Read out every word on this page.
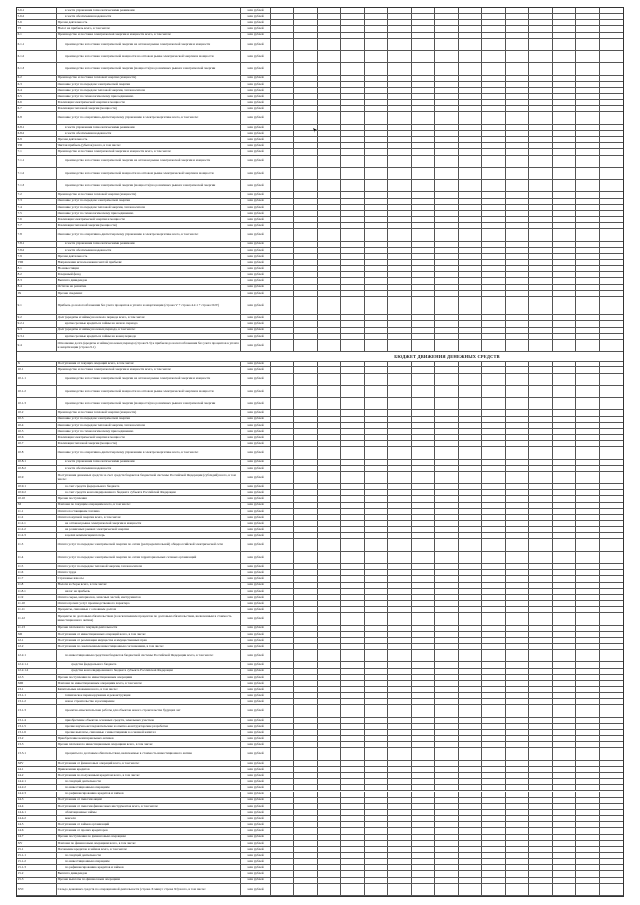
5.6.1	в части управления технологическими режимами	млн рублей
5.6.2	в части обеспечения надежности	млн рублей
5.6	Прочая деятельность	млн рублей
VI	Налог на прибыль всего, в том числе:	млн рублей
6.1	Производство и поставка электрической энергии и мощности всего, в том числе:	млн рублей
6.1.1	производство и поставка электрической энергии на оптовом рынке электрической энергии и мощности	млн рублей
6.1.2	производство и поставка электрической мощности на оптовом рынке электрической энергии и мощности	млн рублей
6.1.3	производство и поставка электрической энергии (мощности) на розничных рынках электрической энергии	млн рублей
6.2	Производство и поставка тепловой энергии (мощности)	млн рублей
6.3	Оказание услуг по передаче электрической энергии	млн рублей
6.4	Оказание услуг по передаче тепловой энергии, теплоносителя	млн рублей
6.5	Оказание услуг по технологическому присоединению	млн рублей
6.6	Реализация электрической энергии и мощности	млн рублей
6.7	Реализация тепловой энергии (мощности)	млн рублей
6.8	Оказание услуг по оперативно-диспетчерскому управлению в электроэнергетике всего, в том числе:	млн рублей
6.8.1	в части управления технологическими режимами	млн рублей
6.8.2	в части обеспечения надежности	млн рублей
6.9	Прочая деятельность	млн рублей
VII	Чистая прибыль (убыток) всего, в том числе:	млн рублей
7.1	Производство и поставка электрической энергии и мощности всего, в том числе:	млн рублей
7.1.1	производство и поставка электрической энергии на оптовом рынке электрической энергии и мощности	млн рублей
7.1.2	производство и поставка электрической мощности на оптовом рынке электрической энергии и мощности	млн рублей
7.1.3	производство и поставка электрической энергии (мощности) на розничных рынках электрической энергии	млн рублей
7.2	Производство и поставка тепловой энергии (мощности)	млн рублей
7.3	Оказание услуг по передаче электрической энергии	млн рублей
7.4	Оказание услуг по передаче тепловой энергии, теплоносителя	млн рублей
7.5	Оказание услуг по технологическому присоединению	млн рублей
7.6	Реализация электрической энергии и мощности	млн рублей
7.7	Реализация тепловой энергии (мощности)	млн рублей
7.8	Оказание услуг по оперативно-диспетчерскому управлению в электроэнергетике всего, в том числе:	млн рублей
7.8.1	в части управления технологическими режимами	млн рублей
7.8.2	в части обеспечения надежности	млн рублей
7.9	Прочая деятельность	млн рублей
VIII	Направления использования чистой прибыли:	млн рублей
8.1	На инвестиции	млн рублей
8.2	Резервный фонд	млн рублей
8.3	Выплата дивидендов	млн рублей
8.4	Остаток на развитие	млн рублей
IX	Прочие сведения:	млн рублей
9.1	Прибыль до налогообложения без учета процентов к уплате и амортизации (строка V + строка 4.2.1 + строка II.IV)	млн рублей
9.2	Долг (кредиты и займы) на начало периода всего, в том числе:	млн рублей
9.2.1	краткосрочные кредиты и займы на начало периода	млн рублей
9.3	Долг (кредиты и займы) на конец периода, в том числе:	млн рублей
9.3.1	краткосрочные кредиты и займы на конец периода	млн рублей
9.4	Отношение долга (кредиты и займы) на конец периода (строка 9.3) к прибыли до налогообложения без учета процентов к уплате и амортизации (строка 9.1)	млн рублей
БЮДЖЕТ ДВИЖЕНИЯ ДЕНЕЖНЫХ СРЕДСТВ
X	Поступления от текущих операций всего, в том числе:	млн рублей
10.1	Производство и поставка электрической энергии и мощности всего, в том числе:	млн рублей
10.1.1	производство и поставка электрической энергии на оптовом рынке электрической энергии и мощности	млн рублей
10.1.2	производство и поставка электрической мощности на оптовом рынке электрической энергии и мощности	млн рублей
10.1.3	производство и поставка электрической энергии (мощности) на розничных рынках электрической энергии	млн рублей
10.2	Производство и поставка тепловой энергии (мощности)	млн рублей
10.3	Оказание услуг по передаче электрической энергии	млн рублей
10.4	Оказание услуг по передаче тепловой энергии, теплоносителя	млн рублей
10.5	Оказание услуг по технологическому присоединению	млн рублей
10.6	Реализация электрической энергии и мощности	млн рублей
10.7	Реализация тепловой энергии (мощности)	млн рублей
10.8	Оказание услуг по оперативно-диспетчерскому управлению в электроэнергетике всего, в том числе:	млн рублей
10.8.1	в части управления технологическими режимами	млн рублей
10.8.2	в части обеспечения надежности	млн рублей
10.9	Поступления денежных средств за счет средств бюджетов бюджетной системы Российской Федерации (субсидий) всего, в том числе:	млн рублей
10.9.1	за счет средств федерального бюджета	млн рублей
10.9.2	за счет средств консолидированного бюджета субъекта Российской Федерации	млн рублей
10.10	Прочие поступления	млн рублей
XI	Платежи по текущим операциям всего, в том числе:	млн рублей
11.1	Оплата поставщикам топлива	млн рублей
11.2	Оплата покупной энергии всего, в том числе:	млн рублей
11.2.1	на оптовом рынке электрической энергии и мощности	млн рублей
11.2.2	на розничных рынках электрической энергии	млн рублей
11.2.3	в целях компенсации потерь	млн рублей
11.3	Оплата услуг по передаче электрической энергии по сетям (распределительной) общероссийской электрической сети	млн рублей
11.4	Оплата услуг по передаче электрической энергии по сетям территориальных сетевых организаций	млн рублей
11.5	Оплата услуг по передаче тепловой энергии, теплоносителя	млн рублей
11.6	Оплата труда	млн рублей
11.7	Страховые взносы	млн рублей
11.8	Налоги и сборы всего, в том числе:	млн рублей
11.8.1	налог на прибыль	млн рублей
11.9	Оплата сырья, материалов, запасных частей, инструментов	млн рублей
11.10	Оплата прочих услуг производственного характера	млн рублей
11.11	Проценты, связанные с основным долгом	млн рублей
11.12	Проценты по долговым обязательствам (за исключением процентов по долговым обязательствам, включенным в стоимость инвестиционного актива)	млн рублей
11.13	Прочие платежи по текущей деятельности	млн рублей
XII	Поступления от инвестиционных операций всего, в том числе:	млн рублей
12.1	Поступления от реализации имущества и имущественных прав	млн рублей
12.2	Поступления по заключенным инвестиционным соглашениям, в том числе:	млн рублей
12.2.1	по инвестиционным средствам бюджетов бюджетной системы Российской Федерации всего, в том числе:	млн рублей
12.2.1.1	средства федерального бюджета	млн рублей
12.2.1.2	средства консолидированного бюджета субъекта Российской Федерации	млн рублей
12.3	Прочие поступления по инвестиционным операциям	млн рублей
XIII	Платежи по инвестиционным операциям всего, в том числе:	млн рублей
13.1	Капитальные вложения всего, в том числе:	млн рублей
13.1.1	техническое перевооружение и реконструкция	млн рублей
13.1.2	новое строительство и расширение	млн рублей
13.1.3	проектно-изыскательские работы для объектов нового строительства будущих лет	млн рублей
13.1.4	приобретение объектов основных средств, земельных участков	млн рублей
13.1.5	прочие научно-исследовательские и опытно-конструкторские разработки	млн рублей
13.1.6	прочие выплаты, связанные с инвестициями в основной капитал	млн рублей
13.2	Приобретение нематериальных активов	млн рублей
13.3	Прочие платежи по инвестиционным операциям всего, в том числе:	млн рублей
13.3.1	проценты по долговым обязательствам, включаемые в стоимость инвестиционного актива	млн рублей
XIV	Поступления от финансовых операций всего, в том числе:	млн рублей
14.1	Привлечение кредитов	млн рублей
14.2	Поступления по полученным кредитам всего, в том числе:	млн рублей
14.2.1	по текущей деятельности	млн рублей
14.2.2	по инвестиционным операциям	млн рублей
14.2.3	по рефинансированию кредитов и займов	млн рублей
14.3	Поступления от эмиссии акций	млн рублей
14.4	Поступления от эмиссии финансовых инструментов всего, в том числе:	млн рублей
14.4.1	облигационные займы	млн рублей
14.4.2	векселя	млн рублей
14.5	Поступления от займов организаций	млн рублей
14.6	Поступления от прочих кредиторов	млн рублей
14.7	Прочие поступления по финансовым операциям	млн рублей
XV	Платежи по финансовым операциям всего, в том числе:	млн рублей
15.1	Погашение кредитов и займов всего, в том числе:	млн рублей
15.1.1	по текущей деятельности	млн рублей
15.1.2	по инвестиционным операциям	млн рублей
15.1.3	по рефинансированию кредитов и займов	млн рублей
15.2	Выплата дивидендов	млн рублей
15.3	Прочие выплаты по финансовым операциям	млн рублей
XVI	Сальдо денежных средств по операционной деятельности (строка X минус строка XI) всего, в том числе:	млн рублей
